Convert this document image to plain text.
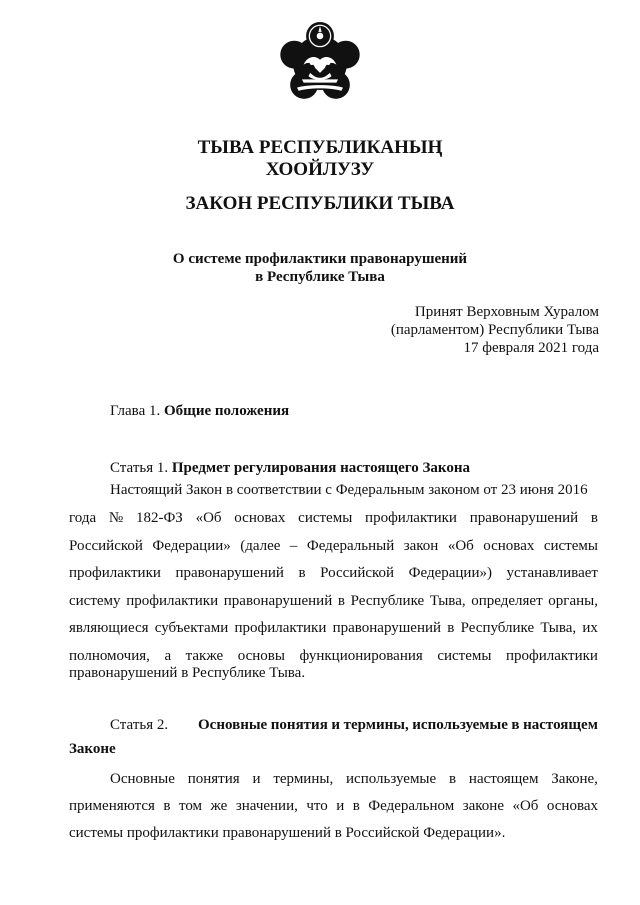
ТЫВА РЕСПУБЛИКАНЫҢ
ХООЙЛУЗУ
ЗАКОН РЕСПУБЛИКИ ТЫВА
О системе профилактики правонарушений
в Республике Тыва
Принят Верховным Хуралом
(парламентом) Республики Тыва
17 февраля 2021 года
Глава 1. Общие положения
Статья 1. Предмет регулирования настоящего Закона
Настоящий Закон в соответствии с Федеральным законом от 23 июня 2016
года № 182-ФЗ «Об основах системы профилактики правонарушений в
Российской Федерации» (далее – Федеральный закон «Об основах системы
профилактики правонарушений в Российской Федерации») устанавливает
систему профилактики правонарушений в Республике Тыва, определяет органы,
являющиеся субъектами профилактики правонарушений в Республике Тыва, их
полномочия, а также основы функционирования системы профилактики
правонарушений в Республике Тыва.
Статья 2. Основные понятия и термины, используемые в настоящем
Законе
Основные понятия и термины, используемые в настоящем Законе,
применяются в том же значении, что и в Федеральном законе «Об основах
системы профилактики правонарушений в Российской Федерации».
